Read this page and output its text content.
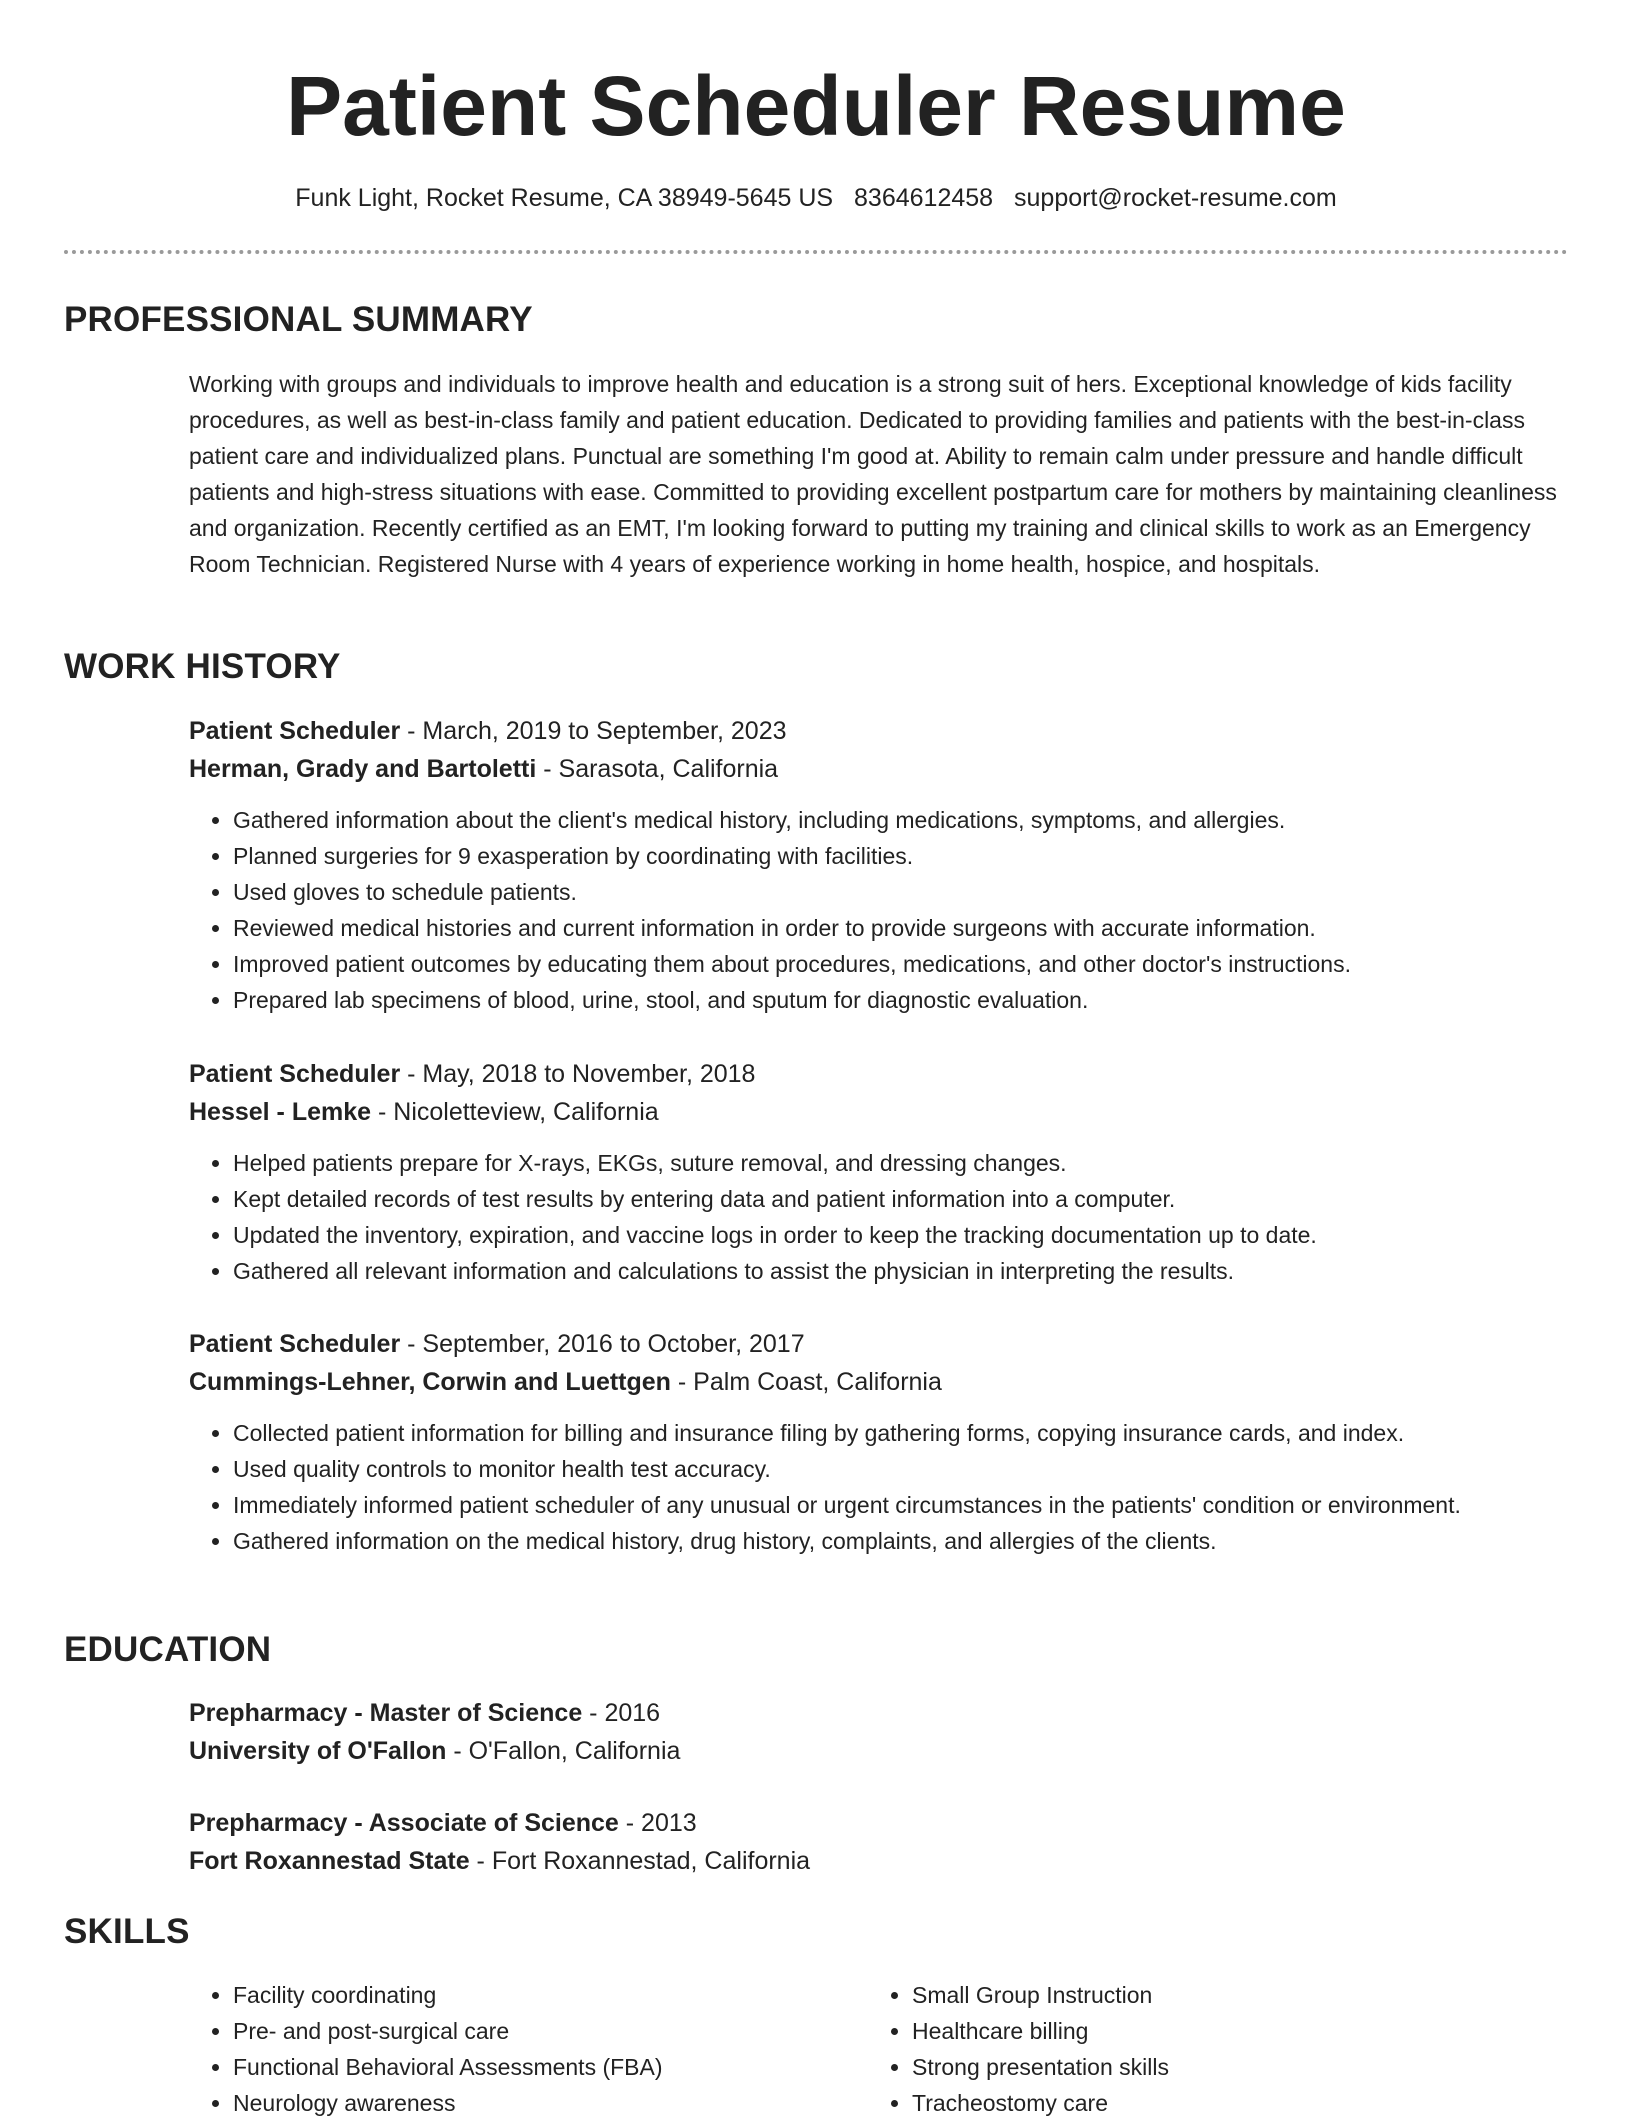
Patient Scheduler Resume
Funk Light, Rocket Resume, CA 38949-5645 US 8364612458 support@rocket-resume.com
PROFESSIONAL SUMMARY

Working with groups and individuals to improve health and education is a strong suit of hers. Exceptional knowledge of kids facility procedures, as well as best-in-class family and patient education. Dedicated to providing families and patients with the best-in-class patient care and individualized plans. Punctual are something I'm good at. Ability to remain calm under pressure and handle difficult patients and high-stress situations with ease. Committed to providing excellent postpartum care for mothers by maintaining cleanliness and organization. Recently certified as an EMT, I'm looking forward to putting my training and clinical skills to work as an Emergency Room Technician. Registered Nurse with 4 years of experience working in home health, hospice, and hospitals.

WORK HISTORY
Patient Scheduler - March, 2019 to September, 2023
Herman, Grady and Bartoletti - Sarasota, California
• Gathered information about the client's medical history, including medications, symptoms, and allergies.
• Planned surgeries for 9 exasperation by coordinating with facilities.
• Used gloves to schedule patients.
• Reviewed medical histories and current information in order to provide surgeons with accurate information.
• Improved patient outcomes by educating them about procedures, medications, and other doctor's instructions.
• Prepared lab specimens of blood, urine, stool, and sputum for diagnostic evaluation.
Patient Scheduler - May, 2018 to November, 2018
Hessel - Lemke - Nicoletteview, California
• Helped patients prepare for X-rays, EKGs, suture removal, and dressing changes.
• Kept detailed records of test results by entering data and patient information into a computer.
• Updated the inventory, expiration, and vaccine logs in order to keep the tracking documentation up to date.
• Gathered all relevant information and calculations to assist the physician in interpreting the results.
Patient Scheduler - September, 2016 to October, 2017
Cummings-Lehner, Corwin and Luettgen - Palm Coast, California
• Collected patient information for billing and insurance filing by gathering forms, copying insurance cards, and index.
• Used quality controls to monitor health test accuracy.
• Immediately informed patient scheduler of any unusual or urgent circumstances in the patients' condition or environment.
• Gathered information on the medical history, drug history, complaints, and allergies of the clients.
EDUCATION
Prepharmacy - Master of Science - 2016
University of O'Fallon - O'Fallon, California
Prepharmacy - Associate of Science - 2013
Fort Roxannestad State - Fort Roxannestad, California
SKILLS
• Facility coordinating
• Pre- and post-surgical care
• Functional Behavioral Assessments (FBA)
• Neurology awareness
• Small Group Instruction
• Healthcare billing
• Strong presentation skills
• Tracheostomy care
